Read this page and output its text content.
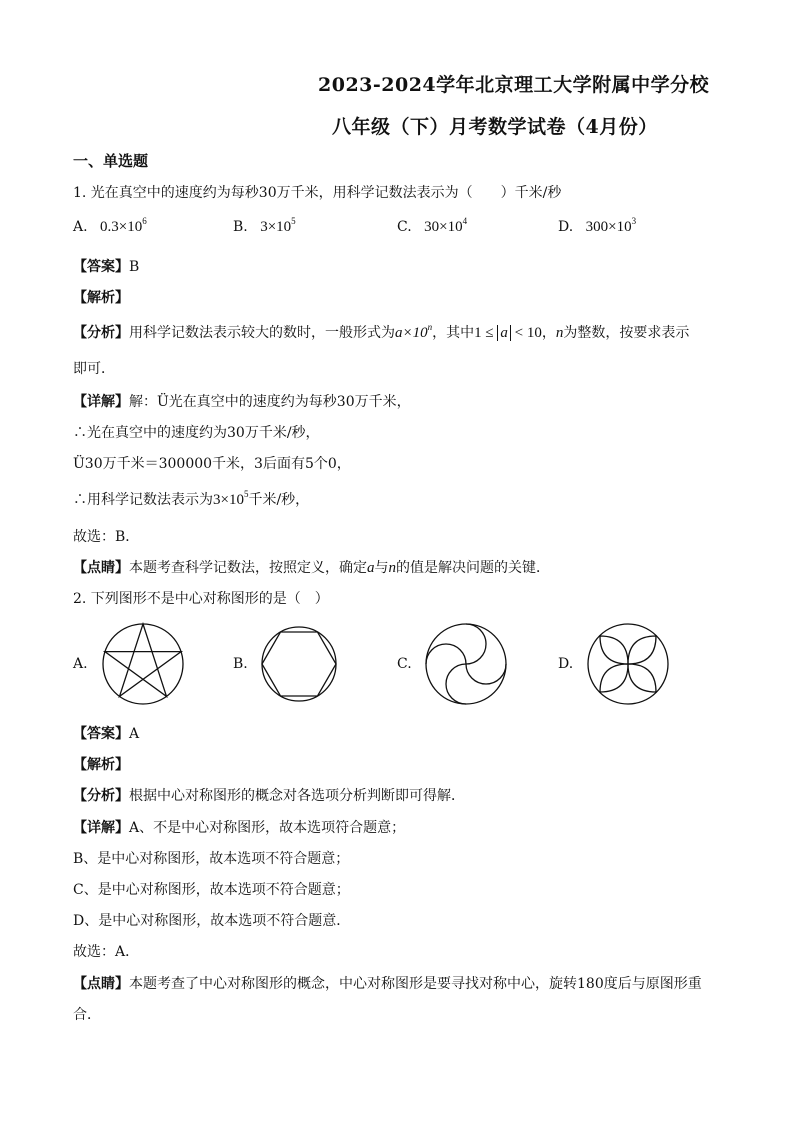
2023-2024学年北京理工大学附属中学分校
八年级（下）月考数学试卷（4月份）
一、单选题
1. 光在真空中的速度约为每秒30万千米，用科学记数法表示为（　　）千米/秒
A. $0.3\times 10^6$	B. $3\times 10^5$	C. $30\times 10^4$	D. $300\times 10^3$
【答案】B
【解析】
【分析】用科学记数法表示较大的数时，一般形式为$a\times 10^n$，其中1 ≤ a < 10，n为整数，按要求表示
即可．
【详解】解：Ü光在真空中的速度约为每秒30万千米，
∴光在真空中的速度约为30万千米/秒，
Ü30万千米＝300000千米，3后面有5个0，
∴用科学记数法表示为$3\times 10^5$千米/秒，
故选：B．
【点睛】本题考查科学记数法，按照定义，确定a与n的值是解决问题的关键．
2. 下列图形不是中心对称图形的是（　）
A.	B.	C.	D.
【答案】A
【解析】
【分析】根据中心对称图形的概念对各选项分析判断即可得解．
【详解】A、不是中心对称图形，故本选项符合题意；
B、是中心对称图形，故本选项不符合题意；
C、是中心对称图形，故本选项不符合题意；
D、是中心对称图形，故本选项不符合题意．
故选：A．
【点睛】本题考查了中心对称图形的概念，中心对称图形是要寻找对称中心，旋转180度后与原图形重
合．
